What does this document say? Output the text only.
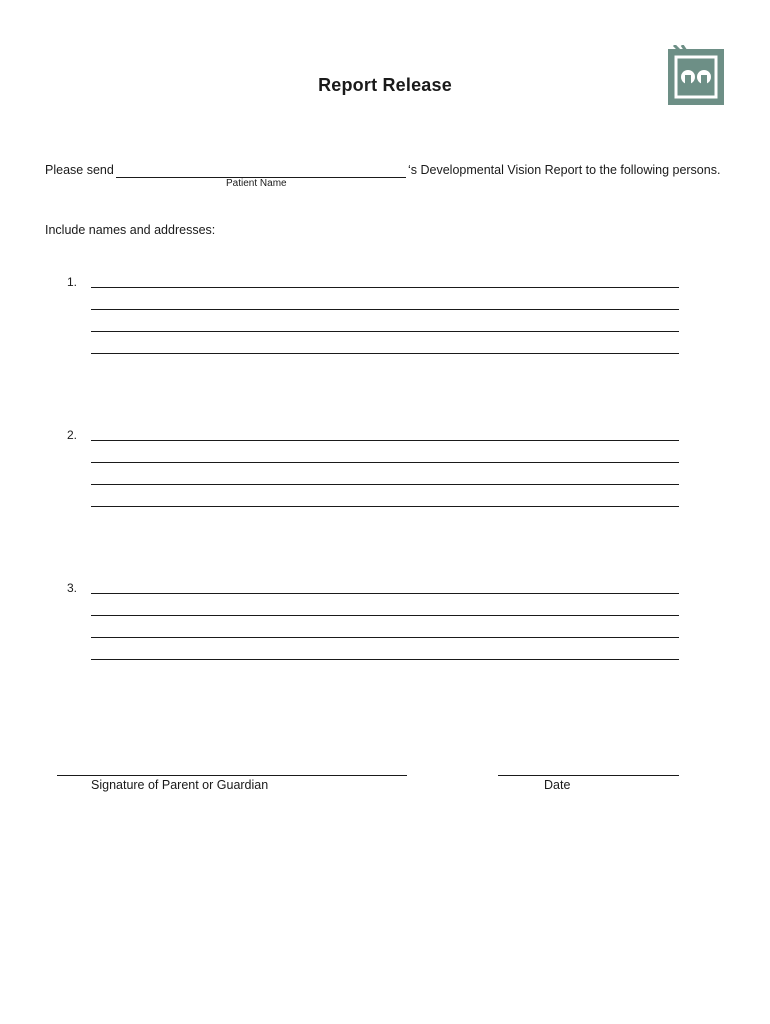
Report Release
Please send	‘s Developmental Vision Report to the following persons.
Patient Name
Include names and addresses:
1.
2.
3.
Signature of Parent or Guardian	Date
